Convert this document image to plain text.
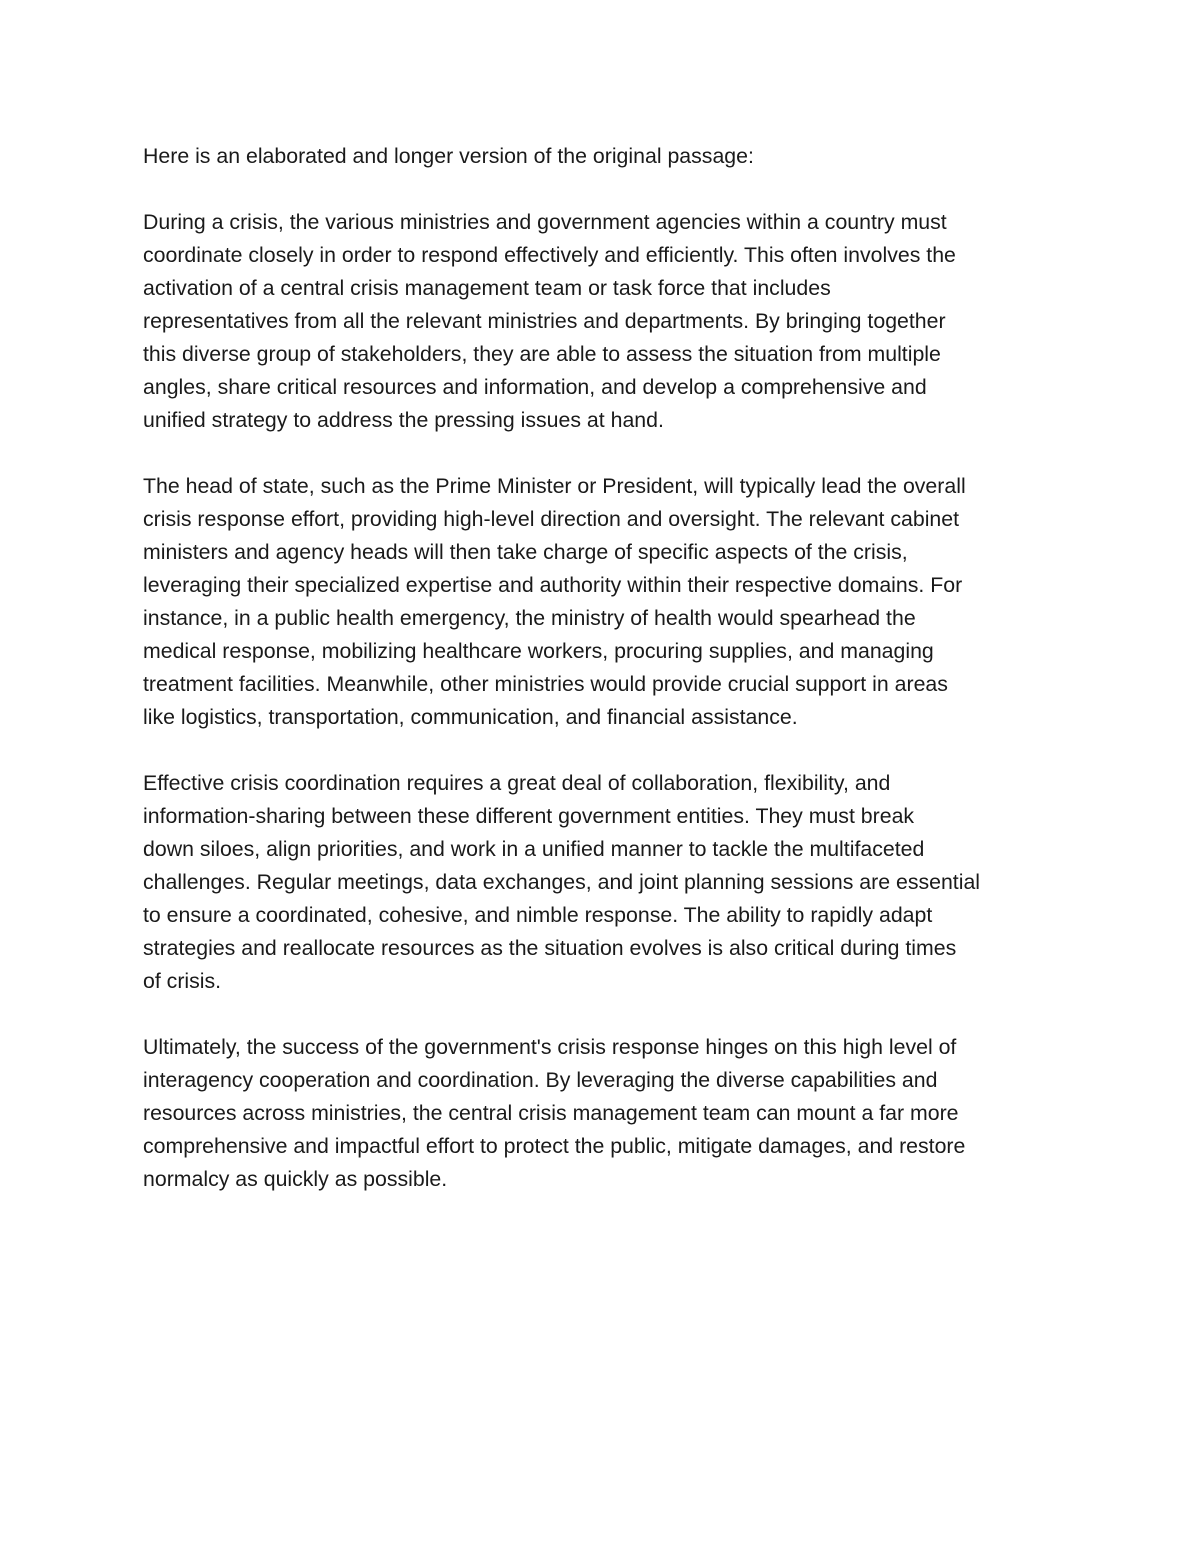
Here is an elaborated and longer version of the original passage:

During a crisis, the various ministries and government agencies within a country must
coordinate closely in order to respond effectively and efficiently. This often involves the
activation of a central crisis management team or task force that includes
representatives from all the relevant ministries and departments. By bringing together
this diverse group of stakeholders, they are able to assess the situation from multiple
angles, share critical resources and information, and develop a comprehensive and
unified strategy to address the pressing issues at hand.

The head of state, such as the Prime Minister or President, will typically lead the overall
crisis response effort, providing high-level direction and oversight. The relevant cabinet
ministers and agency heads will then take charge of specific aspects of the crisis,
leveraging their specialized expertise and authority within their respective domains. For
instance, in a public health emergency, the ministry of health would spearhead the
medical response, mobilizing healthcare workers, procuring supplies, and managing
treatment facilities. Meanwhile, other ministries would provide crucial support in areas
like logistics, transportation, communication, and financial assistance.

Effective crisis coordination requires a great deal of collaboration, flexibility, and
information-sharing between these different government entities. They must break
down siloes, align priorities, and work in a unified manner to tackle the multifaceted
challenges. Regular meetings, data exchanges, and joint planning sessions are essential
to ensure a coordinated, cohesive, and nimble response. The ability to rapidly adapt
strategies and reallocate resources as the situation evolves is also critical during times
of crisis.

Ultimately, the success of the government's crisis response hinges on this high level of
interagency cooperation and coordination. By leveraging the diverse capabilities and
resources across ministries, the central crisis management team can mount a far more
comprehensive and impactful effort to protect the public, mitigate damages, and restore
normalcy as quickly as possible.
